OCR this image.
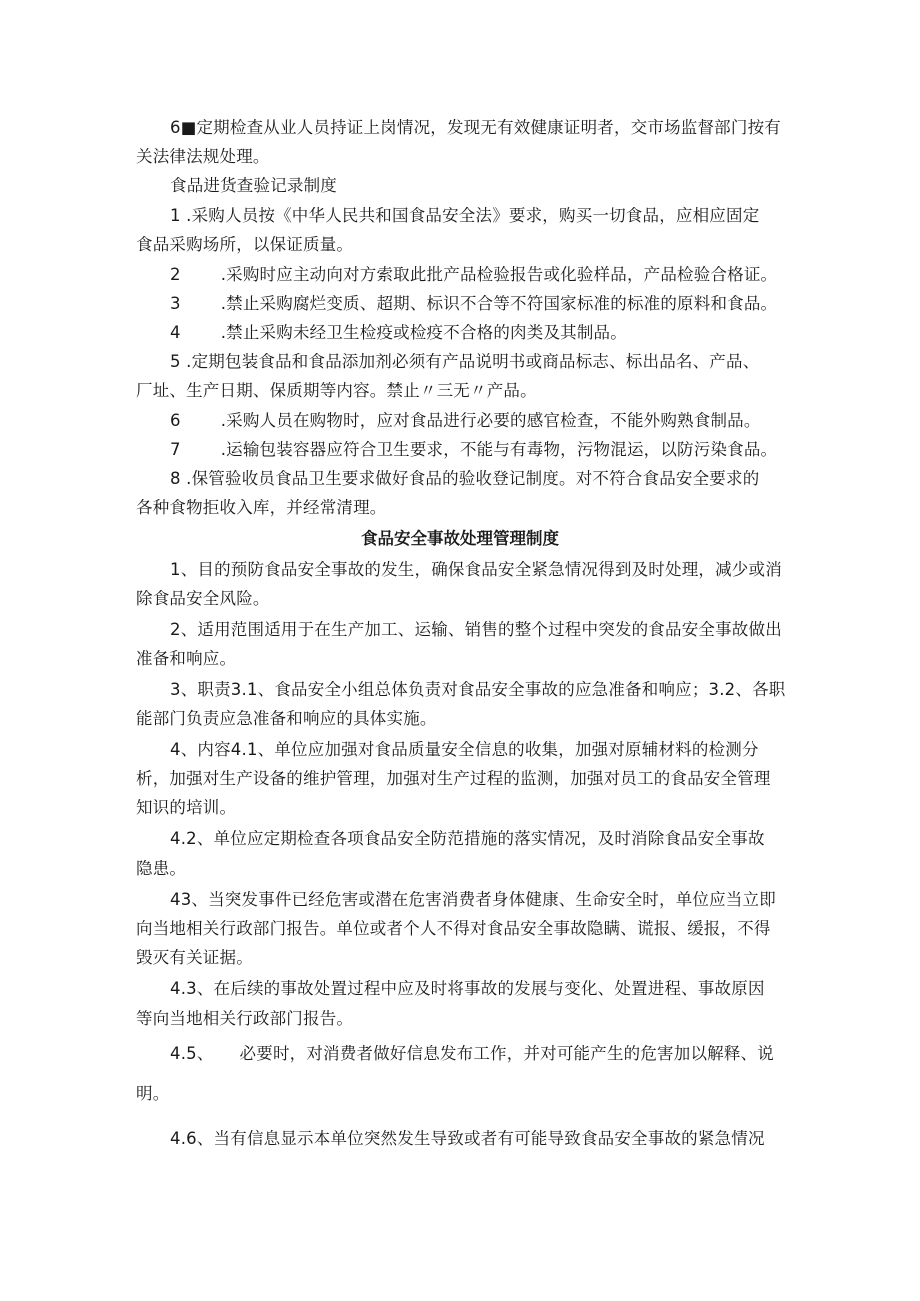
6■定期检查从业人员持证上岗情况，发现无有效健康证明者，交市场监督部门按有
关法律法规处理。
食品进货查验记录制度
1 .采购人员按《中华人民共和国食品安全法》要求，购买一切食品，应相应固定
食品采购场所，以保证质量。
2 .采购时应主动向对方索取此批产品检验报告或化验样品，产品检验合格证。
3 .禁止采购腐烂变质、超期、标识不合等不符国家标准的标准的原料和食品。
4 .禁止采购未经卫生检疫或检疫不合格的肉类及其制品。
5 .定期包装食品和食品添加剂必须有产品说明书或商品标志、标出品名、产品、
厂址、生产日期、保质期等内容。禁止〃三无〃产品。
6 .采购人员在购物时，应对食品进行必要的感官检查，不能外购熟食制品。
7 .运输包装容器应符合卫生要求，不能与有毒物，污物混运，以防污染食品。
8 .保管验收员食品卫生要求做好食品的验收登记制度。对不符合食品安全要求的
各种食物拒收入库，并经常清理。
食品安全事故处理管理制度
1、目的预防食品安全事故的发生，确保食品安全紧急情况得到及时处理，减少或消
除食品安全风险。
2、适用范围适用于在生产加工、运输、销售的整个过程中突发的食品安全事故做出
准备和响应。
3、职责3.1、食品安全小组总体负责对食品安全事故的应急准备和响应；3.2、各职
能部门负责应急准备和响应的具体实施。
4、内容4.1、单位应加强对食品质量安全信息的收集，加强对原辅材料的检测分
析，加强对生产设备的维护管理，加强对生产过程的监测，加强对员工的食品安全管理
知识的培训。
4.2、单位应定期检查各项食品安全防范措施的落实情况，及时消除食品安全事故
隐患。
43、当突发事件已经危害或潜在危害消费者身体健康、生命安全时，单位应当立即
向当地相关行政部门报告。单位或者个人不得对食品安全事故隐瞒、谎报、缓报，不得
毁灭有关证据。
4.3、在后续的事故处置过程中应及时将事故的发展与变化、处置进程、事故原因
等向当地相关行政部门报告。
4.5、 必要时，对消费者做好信息发布工作，并对可能产生的危害加以解释、说
明。
4.6、当有信息显示本单位突然发生导致或者有可能导致食品安全事故的紧急情况
